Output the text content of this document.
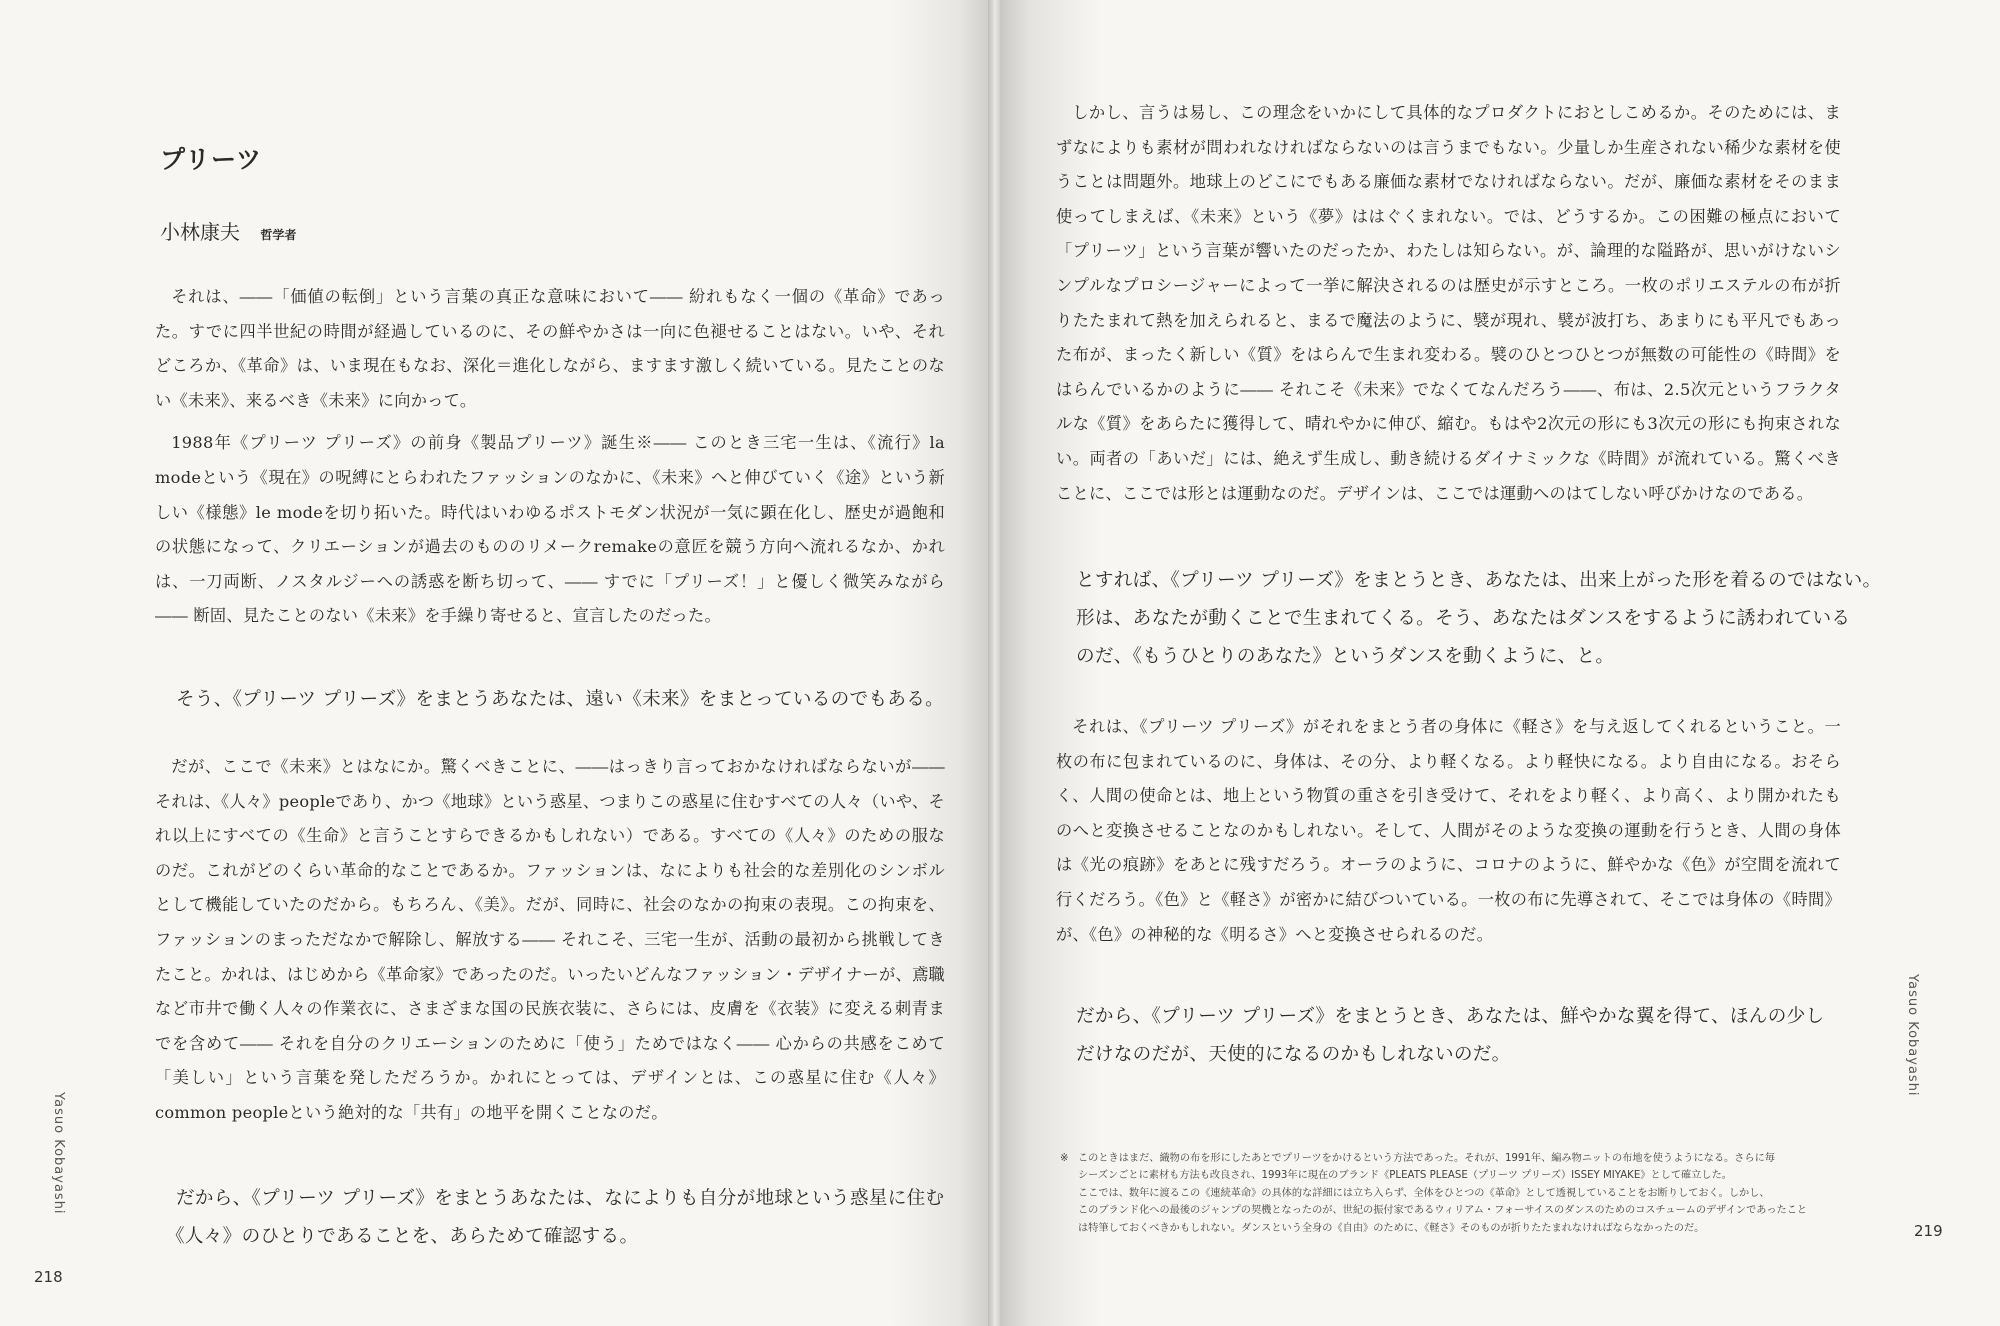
プリーツ
小林康夫 哲学者

それは、――「価値の転倒」という言葉の真正な意味において―― 紛れもなく一個の《革命》であった。すでに四半世紀の時間が経過しているのに、その鮮やかさは一向に色褪せることはない。いや、それどころか、《革命》は、いま現在もなお、深化＝進化しながら、ますます激しく続いている。見たことのない《未来》、来るべき《未来》に向かって。

1988年《プリーツ プリーズ》の前身《製品プリーツ》誕生※―― このとき三宅一生は、《流行》la modeという《現在》の呪縛にとらわれたファッションのなかに、《未来》へと伸びていく《途》という新しい《様態》le modeを切り拓いた。時代はいわゆるポストモダン状況が一気に顕在化し、歴史が過飽和の状態になって、クリエーションが過去のもののリメークremakeの意匠を競う方向へ流れるなか、かれは、一刀両断、ノスタルジーへの誘惑を断ち切って、―― すでに「プリーズ！」と優しく微笑みながら―― 断固、見たことのない《未来》を手繰り寄せると、宣言したのだった。

そう、《プリーツ プリーズ》をまとうあなたは、遠い《未来》をまとっているのでもある。

だが、ここで《未来》とはなにか。驚くべきことに、――はっきり言っておかなければならないが――それは、《人々》peopleであり、かつ《地球》という惑星、つまりこの惑星に住むすべての人々（いや、それ以上にすべての《生命》と言うことすらできるかもしれない）である。すべての《人々》のための服なのだ。これがどのくらい革命的なことであるか。ファッションは、なによりも社会的な差別化のシンボルとして機能していたのだから。もちろん、《美》。だが、同時に、社会のなかの拘束の表現。この拘束を、ファッションのまっただなかで解除し、解放する―― それこそ、三宅一生が、活動の最初から挑戦してきたこと。かれは、はじめから《革命家》であったのだ。いったいどんなファッション・デザイナーが、鳶職など市井で働く人々の作業衣に、さまざまな国の民族衣装に、さらには、皮膚を《衣装》に変える刺青までを含めて―― それを自分のクリエーションのために「使う」ためではなく―― 心からの共感をこめて「美しい」という言葉を発しただろうか。かれにとっては、デザインとは、この惑星に住む《人々》common peopleという絶対的な「共有」の地平を開くことなのだ。

だから、《プリーツ プリーズ》をまとうあなたは、なによりも自分が地球という惑星に住む

《人々》のひとりであることを、あらためて確認する。

Yasuo Kobayashi
218

しかし、言うは易し、この理念をいかにして具体的なプロダクトにおとしこめるか。そのためには、まずなによりも素材が問われなければならないのは言うまでもない。少量しか生産されない稀少な素材を使うことは問題外。地球上のどこにでもある廉価な素材でなければならない。だが、廉価な素材をそのまま使ってしまえば、《未来》という《夢》ははぐくまれない。では、どうするか。この困難の極点において「プリーツ」という言葉が響いたのだったか、わたしは知らない。が、論理的な隘路が、思いがけないシンプルなプロシージャーによって一挙に解決されるのは歴史が示すところ。一枚のポリエステルの布が折りたたまれて熱を加えられると、まるで魔法のように、襞が現れ、襞が波打ち、あまりにも平凡でもあった布が、まったく新しい《質》をはらんで生まれ変わる。襞のひとつひとつが無数の可能性の《時間》をはらんでいるかのように―― それこそ《未来》でなくてなんだろう――、布は、2.5次元というフラクタルな《質》をあらたに獲得して、晴れやかに伸び、縮む。もはや2次元の形にも3次元の形にも拘束されない。両者の「あいだ」には、絶えず生成し、動き続けるダイナミックな《時間》が流れている。驚くべきことに、ここでは形とは運動なのだ。デザインは、ここでは運動へのはてしない呼びかけなのである。

とすれば、《プリーツ プリーズ》をまとうとき、あなたは、出来上がった形を着るのではない。

形は、あなたが動くことで生まれてくる。そう、あなたはダンスをするように誘われている

のだ、《もうひとりのあなた》というダンスを動くように、と。

それは、《プリーツ プリーズ》がそれをまとう者の身体に《軽さ》を与え返してくれるということ。一枚の布に包まれているのに、身体は、その分、より軽くなる。より軽快になる。より自由になる。おそらく、人間の使命とは、地上という物質の重さを引き受けて、それをより軽く、より高く、より開かれたものへと変換させることなのかもしれない。そして、人間がそのような変換の運動を行うとき、人間の身体は《光の痕跡》をあとに残すだろう。オーラのように、コロナのように、鮮やかな《色》が空間を流れて行くだろう。《色》と《軽さ》が密かに結びついている。一枚の布に先導されて、そこでは身体の《時間》が、《色》の神秘的な《明るさ》へと変換させられるのだ。

だから、《プリーツ プリーズ》をまとうとき、あなたは、鮮やかな翼を得て、ほんの少し

だけなのだが、天使的になるのかもしれないのだ。	Yasuo Kobayashi
219
※ このときはまだ、織物の布を形にしたあとでプリーツをかけるという方法であった。それが、1991年、編み物ニットの布地を使うようになる。さらに毎

シーズンごとに素材も方法も改良され、1993年に現在のブランド《PLEATS PLEASE（プリーツ プリーズ）ISSEY MIYAKE》として確立した。

ここでは、数年に渡るこの《連続革命》の具体的な詳細には立ち入らず、全体をひとつの《革命》として透視していることをお断りしておく。しかし、

このブランド化への最後のジャンプの契機となったのが、世紀の振付家であるウィリアム・フォーサイスのダンスのためのコスチュームのデザインであったこと

は特筆しておくべきかもしれない。ダンスという全身の《自由》のために、《軽さ》そのものが折りたたまれなければならなかったのだ。
